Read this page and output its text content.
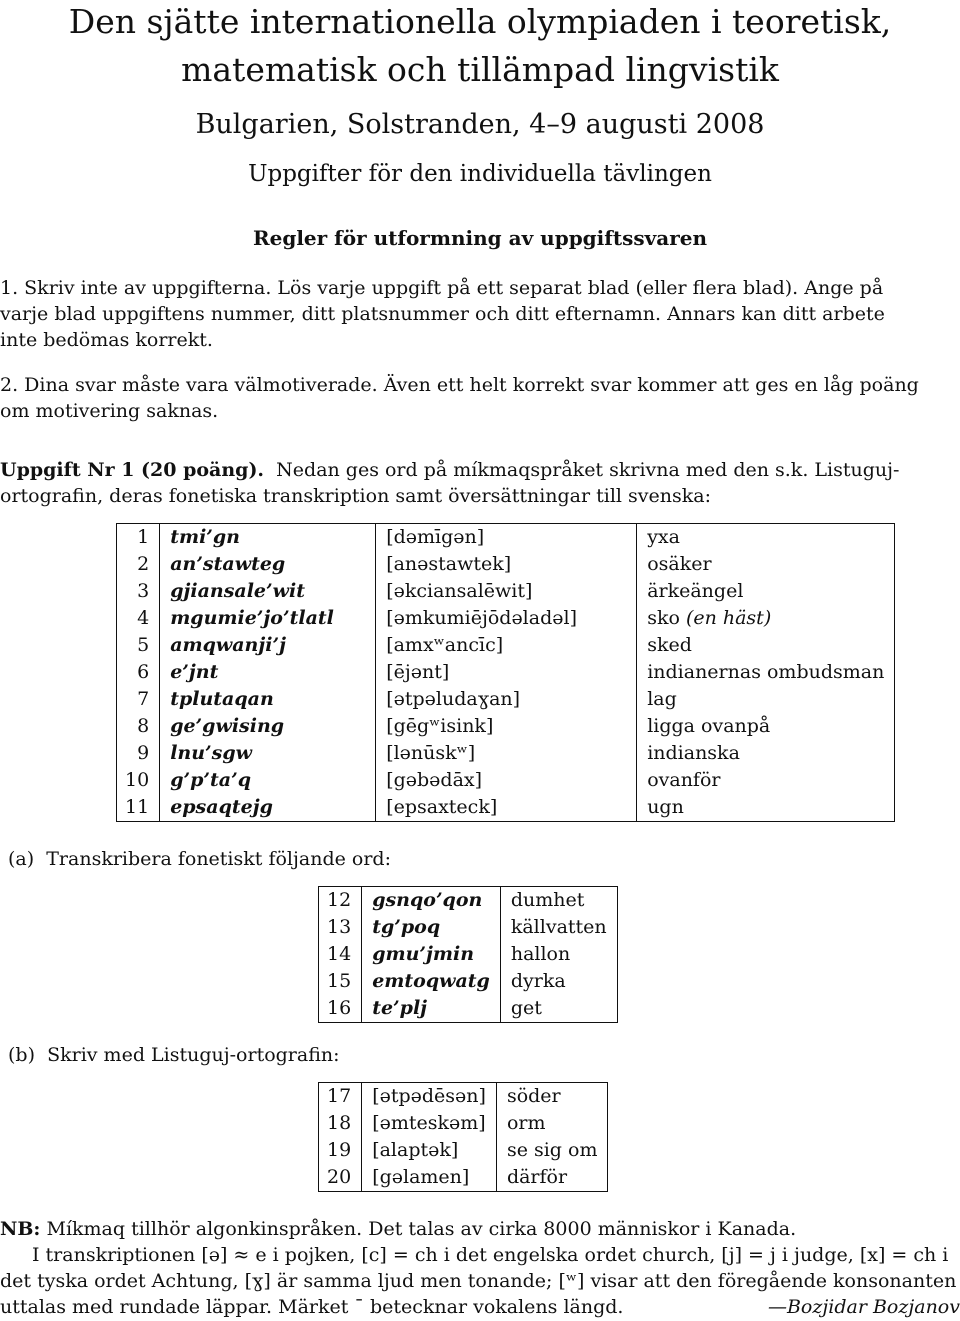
Den sjätte internationella olympiaden i teoretisk,
matematisk och tillämpad lingvistik
Bulgarien, Solstranden, 4–9 augusti 2008
Uppgifter för den individuella tävlingen
Regler för utformning av uppgiftssvaren

1. Skriv inte av uppgifterna. Lös varje uppgift på ett separat blad (eller flera blad). Ange på

varje blad uppgiftens nummer, ditt platsnummer och ditt efternamn. Annars kan ditt arbete

inte bedömas korrekt.

2. Dina svar måste vara välmotiverade. Även ett helt korrekt svar kommer att ges en låg poäng

om motivering saknas.

Uppgift Nr 1 (20 poäng). Nedan ges ord på míkmaqspråket skrivna med den s.k. Listuguj-

ortografin, deras fonetiska transkription samt översättningar till svenska:

1	tmi’gn	[dəmīgən]	yxa
2	an’stawteg	[anəstawtek]	osäker
3	gjiansale’wit	[əkciansalēwit]	ärkeängel
4	mgumie’jo’tlatl	[əmkumiējōdəladəl]	sko (en häst)
5	amqwanji’j	[amxʷancīc]	sked
6	e’jnt	[ējənt]	indianernas ombudsman
7	tplutaqan	[ətpəludaɣan]	lag
8	ge’gwising	[gēgʷisink]	ligga ovanpå
9	lnu’sgw	[lənūskʷ]	indianska
10	g’p’ta’q	[gəbədāx]	ovanför
11	epsaqtejg	[epsaxteck]	ugn
(a) Transkribera fonetiskt följande ord:
12	gsnqo’qon	dumhet
13	tg’poq	källvatten
14	gmu’jmin	hallon
15	emtoqwatg	dyrka
16	te’plj	get
(b) Skriv med Listuguj-ortografin:
17	[ətpədēsən]	söder
18	[əmteskəm]	orm
19	[alaptək]	se sig om
20	[gəlamen]	därför

NB: Míkmaq tillhör algonkinspråken. Det talas av cirka 8000 människor i Kanada.

I transkriptionen [ə] ≈ e i pojken, [c] = ch i det engelska ordet church, [j] = j i judge, [x] = ch i

det tyska ordet Achtung, [ɣ] är samma ljud men tonande; [ʷ] visar att den föregående konsonanten

uttalas med rundade läppar. Märket ¯ betecknar vokalens längd.	—Bozjidar Bozjanov
